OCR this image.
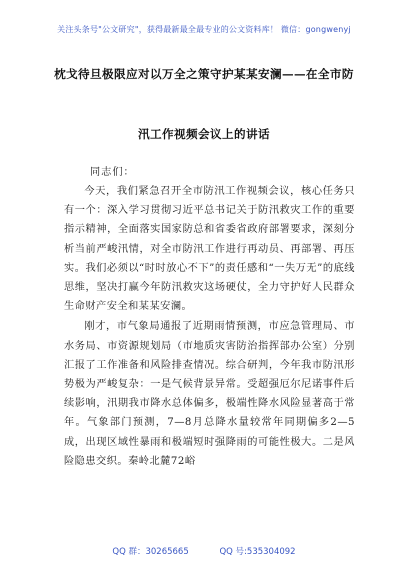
关注头条号"公文研究"，获得最新最全最专业的公文资料库！ 微信：gongwenyj
枕戈待旦极限应对以万全之策守护某某安澜——在全市防
汛工作视频会议上的讲话
同志们：

今天，我们紧急召开全市防汛工作视频会议，核心任务只有一个：深入学习贯彻习近平总书记关于防汛救灾工作的重要指示精神，全面落实国家防总和省委省政府部署要求，深刻分析当前严峻汛情，对全市防汛工作进行再动员、再部署、再压实。我们必须以“时时放心不下”的责任感和“一失万无”的底线思维，坚决打赢今年防汛救灾这场硬仗，全力守护好人民群众生命财产安全和某某安澜。

刚才，市气象局通报了近期雨情预测，市应急管理局、市水务局、市资源规划局（市地质灾害防治指挥部办公室）分别汇报了工作准备和风险排查情况。综合研判，今年我市防汛形势极为严峻复杂：一是气候背景异常。受超强厄尔尼诺事件后续影响，汛期我市降水总体偏多，极端性降水风险显著高于常年。气象部门预测，7—8月总降水量较常年同期偏多2—5成，出现区域性暴雨和极端短时强降雨的可能性极大。二是风险隐患交织。秦岭北麓72峪

QQ 群：30265665	QQ 号:535304092
